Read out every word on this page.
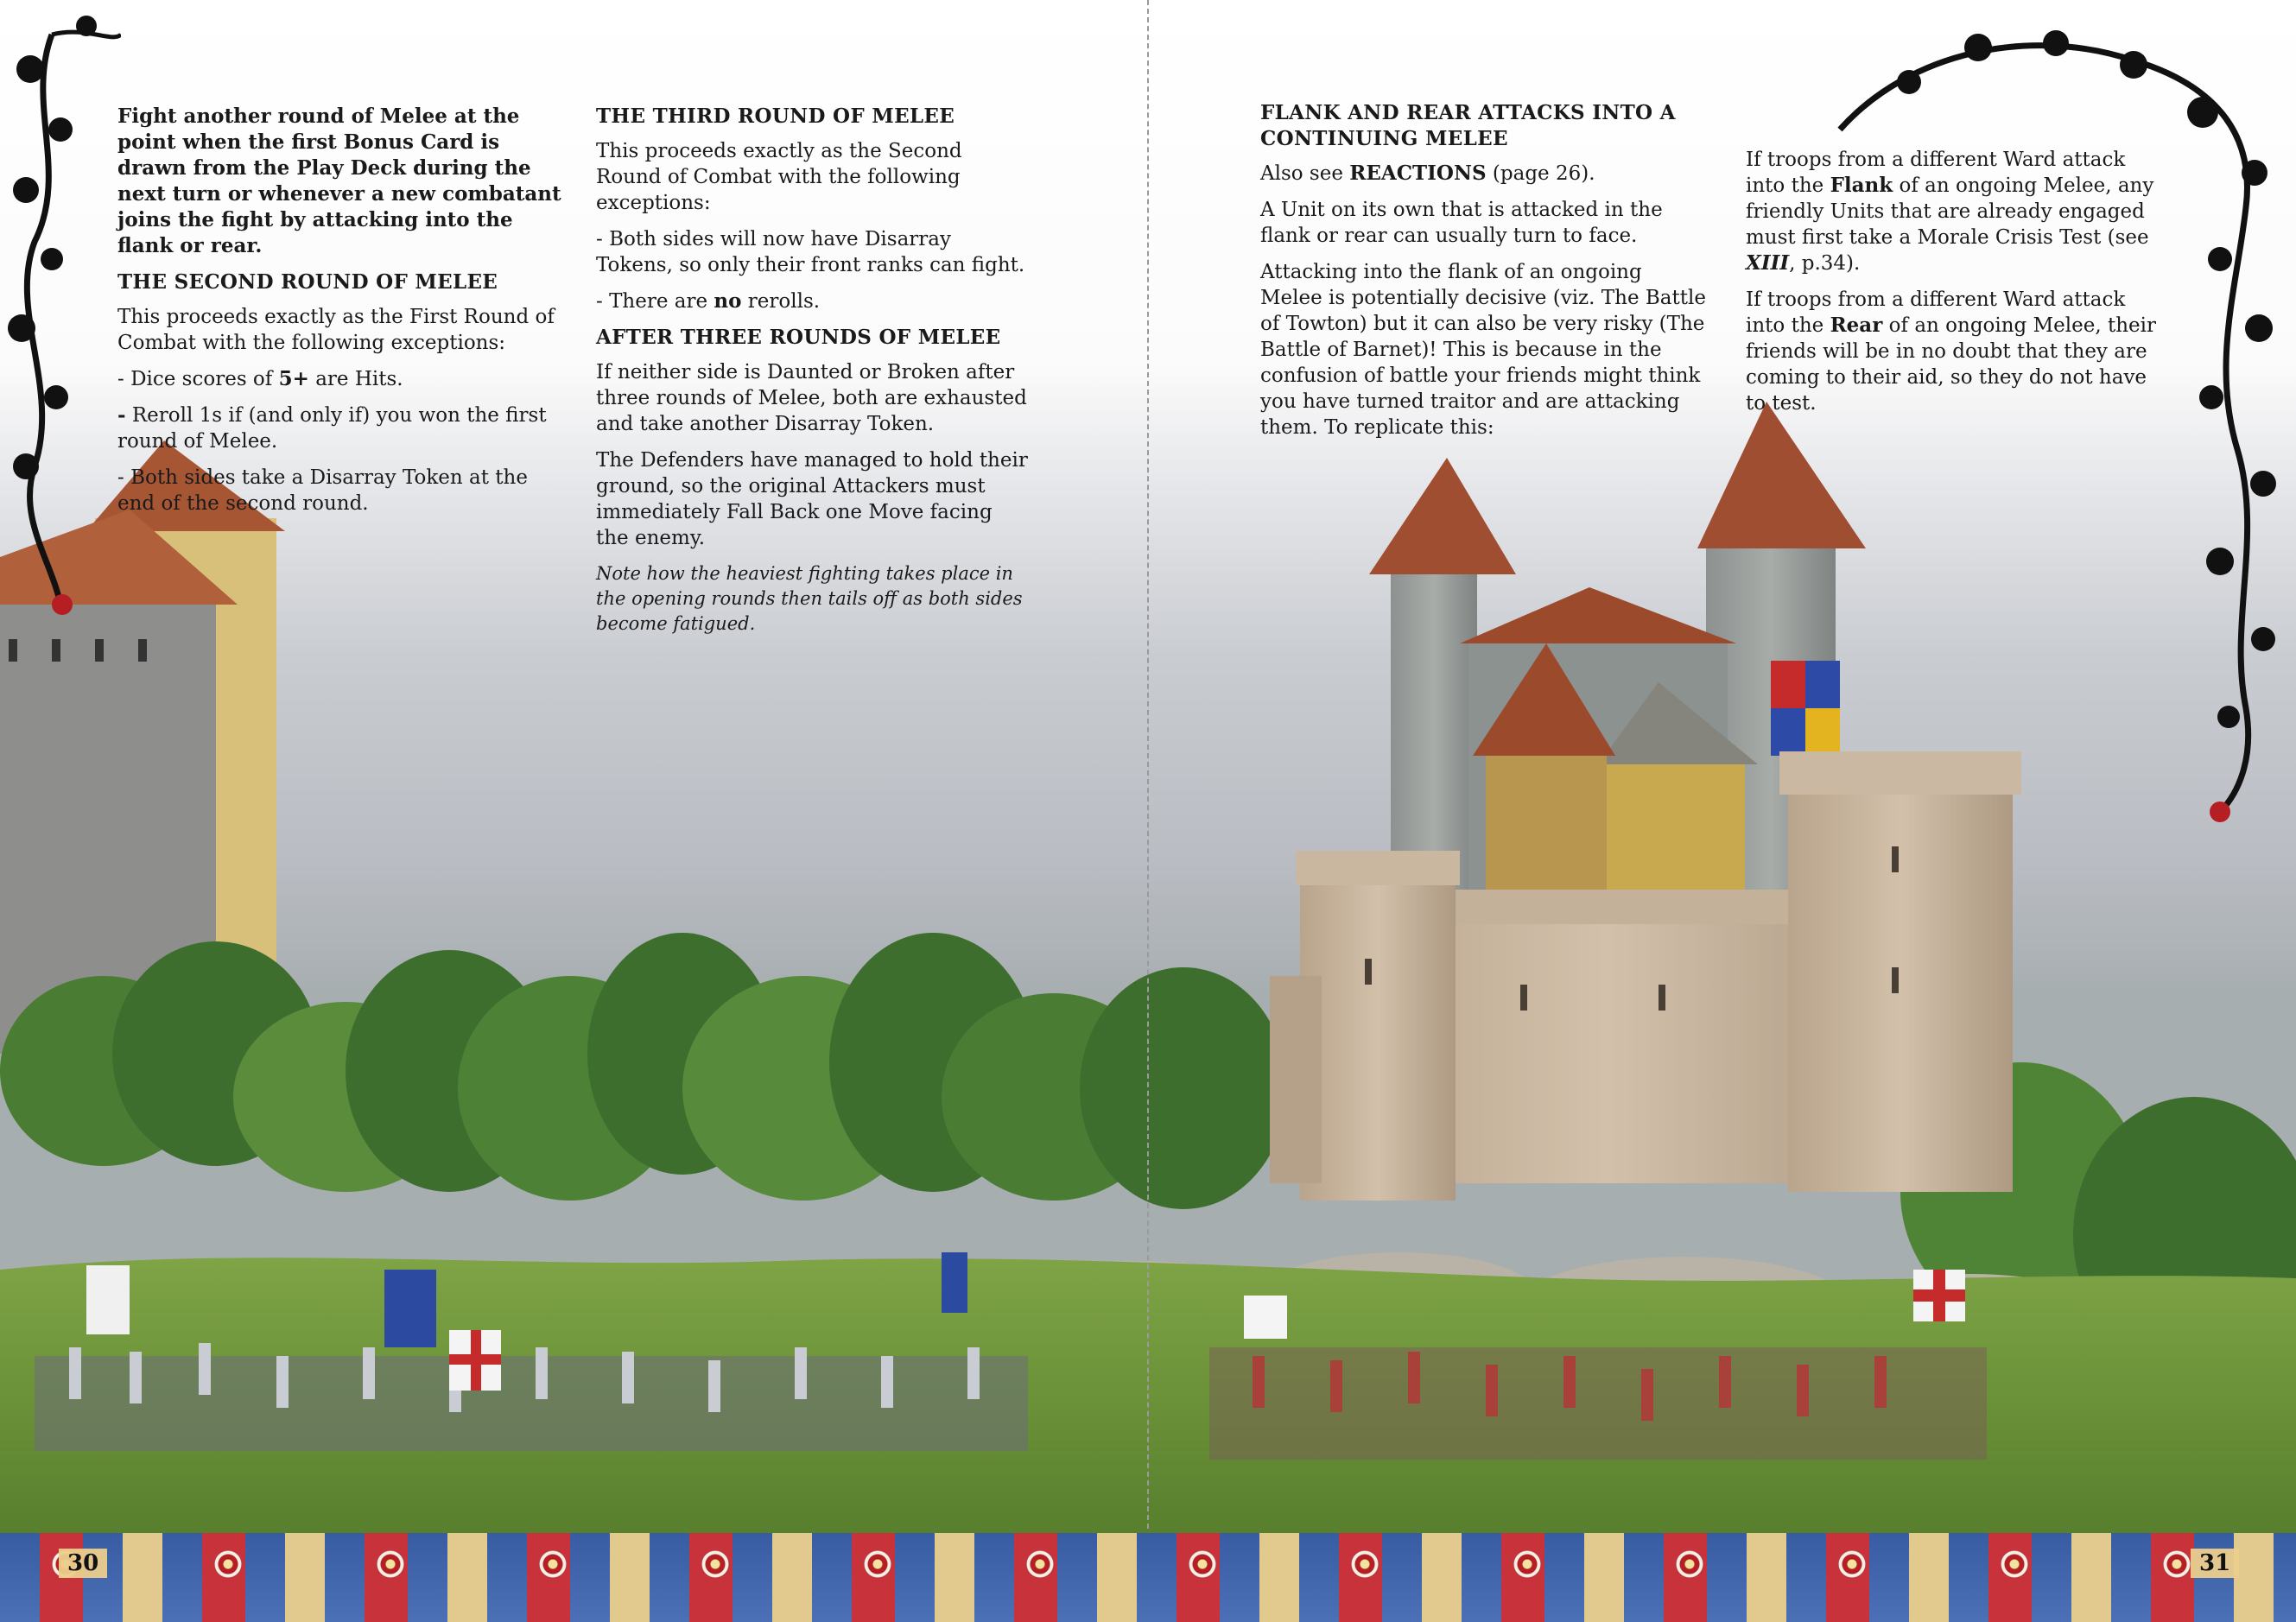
Fight another round of Melee at the point when the first Bonus Card is drawn from the Play Deck during the next turn or whenever a new combatant joins the fight by attacking into the flank or rear.

THE SECOND ROUND OF MELEE

This proceeds exactly as the First Round of Combat with the following exceptions:

- Dice scores of 5+ are Hits.

- Reroll 1s if (and only if) you won the first round of Melee.

- Both sides take a Disarray Token at the end of the second round.

THE THIRD ROUND OF MELEE

This proceeds exactly as the Second Round of Combat with the following exceptions:

- Both sides will now have Disarray Tokens, so only their front ranks can fight.

- There are no rerolls.

AFTER THREE ROUNDS OF MELEE

If neither side is Daunted or Broken after three rounds of Melee, both are exhausted and take another Disarray Token.

The Defenders have managed to hold their ground, so the original Attackers must immediately Fall Back one Move facing the enemy.

Note how the heaviest fighting takes place in the opening rounds then tails off as both sides become fatigued.

FLANK AND REAR ATTACKS INTO A CONTINUING MELEE

Also see REACTIONS (page 26).

A Unit on its own that is attacked in the flank or rear can usually turn to face.

Attacking into the flank of an ongoing Melee is potentially decisive (viz. The Battle of Towton) but it can also be very risky (The Battle of Barnet)! This is because in the confusion of battle your friends might think you have turned traitor and are attacking them. To replicate this:

If troops from a different Ward attack into the Flank of an ongoing Melee, any friendly Units that are already engaged must first take a Morale Crisis Test (see XIII, p.34).

If troops from a different Ward attack into the Rear of an ongoing Melee, their friends will be in no doubt that they are coming to their aid, so they do not have to test.

30	31
